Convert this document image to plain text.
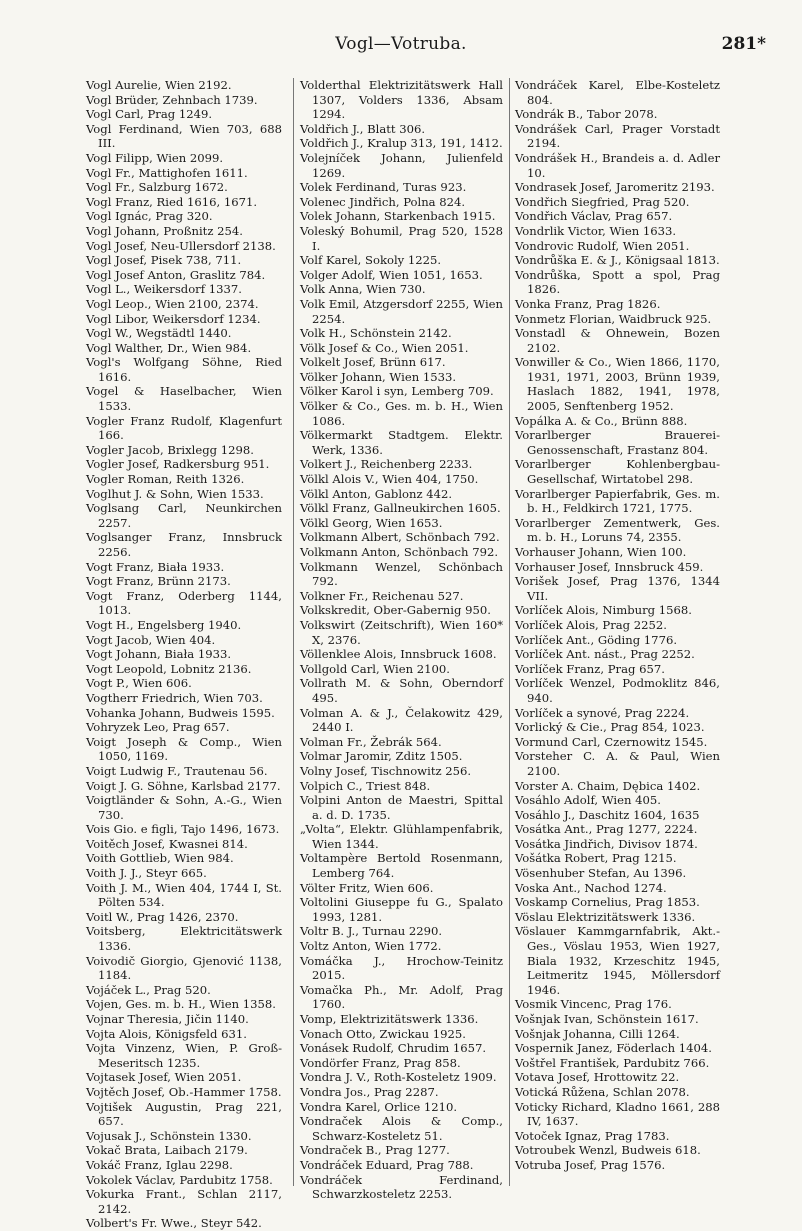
Vogl—Votruba.	281*

Vogl Aurelie, Wien 2192.

Vogl Brüder, Zehnbach 1739.

Vogl Carl, Prag 1249.

Vogl Ferdinand, Wien 703, 688 III.

Vogl Filipp, Wien 2099.

Vogl Fr., Mattighofen 1611.

Vogl Fr., Salzburg 1672.

Vogl Franz, Ried 1616, 1671.

Vogl Ignác, Prag 320.

Vogl Johann, Proßnitz 254.

Vogl Josef, Neu-Ullersdorf 2138.

Vogl Josef, Pisek 738, 711.

Vogl Josef Anton, Graslitz 784.

Vogl L., Weikersdorf 1337.

Vogl Leop., Wien 2100, 2374.

Vogl Libor, Weikersdorf 1234.

Vogl W., Wegstädtl 1440.

Vogl Walther, Dr., Wien 984.

Vogl's Wolfgang Söhne, Ried 1616.

Vogel & Haselbacher, Wien 1533.

Vogler Franz Rudolf, Klagenfurt 166.

Vogler Jacob, Brixlegg 1298.

Vogler Josef, Radkersburg 951.

Vogler Roman, Reith 1326.

Voglhut J. & Sohn, Wien 1533.

Voglsang Carl, Neunkirchen 2257.

Voglsanger Franz, Innsbruck 2256.

Vogt Franz, Biała 1933.

Vogt Franz, Brünn 2173.

Vogt Franz, Oderberg 1144, 1013.

Vogt H., Engelsberg 1940.

Vogt Jacob, Wien 404.

Vogt Johann, Biała 1933.

Vogt Leopold, Lobnitz 2136.

Vogt P., Wien 606.

Vogtherr Friedrich, Wien 703.

Vohanka Johann, Budweis 1595.

Vohryzek Leo, Prag 657.

Voigt Joseph & Comp., Wien 1050, 1169.

Voigt Ludwig F., Trautenau 56.

Voigt J. G. Söhne, Karlsbad 2177.

Voigtländer & Sohn, A.-G., Wien 730.

Vois Gio. e figli, Tajo 1496, 1673.

Voitěch Josef, Kwasnei 814.

Voith Gottlieb, Wien 984.

Voith J. J., Steyr 665.

Voith J. M., Wien 404, 1744 I, St. Pölten 534.

Voitl W., Prag 1426, 2370.

Voitsberg, Elektricitätswerk 1336.

Voivodič Giorgio, Gjenović 1138, 1184.

Vojáček L., Prag 520.

Vojen, Ges. m. b. H., Wien 1358.

Vojnar Theresia, Jičin 1140.

Vojta Alois, Königsfeld 631.

Vojta Vinzenz, Wien, P. Groß-Meseritsch 1235.

Vojtasek Josef, Wien 2051.

Vojtěch Josef, Ob.-Hammer 1758.

Vojtišek Augustin, Prag 221, 657.

Vojusak J., Schönstein 1330.

Vokač Brata, Laibach 2179.

Vokáč Franz, Iglau 2298.

Vokolek Václav, Pardubitz 1758.

Vokurka Frant., Schlan 2117, 2142.

Volbert's Fr. Wwe., Steyr 542.

Volderthal Elektrizitätswerk Hall 1307, Volders 1336, Absam 1294.

Voldřich J., Blatt 306.

Voldřich J., Kralup 313, 191, 1412.

Volejníček Johann, Julienfeld 1269.

Volek Ferdinand, Turas 923.

Volenec Jindřich, Polna 824.

Volek Johann, Starkenbach 1915.

Voleský Bohumil, Prag 520, 1528 I.

Volf Karel, Sokoly 1225.

Volger Adolf, Wien 1051, 1653.

Volk Anna, Wien 730.

Volk Emil, Atzgersdorf 2255, Wien 2254.

Volk H., Schönstein 2142.

Völk Josef & Co., Wien 2051.

Volkelt Josef, Brünn 617.

Völker Johann, Wien 1533.

Völker Karol i syn, Lemberg 709.

Völker & Co., Ges. m. b. H., Wien 1086.

Völkermarkt Stadtgem. Elektr. Werk, 1336.

Volkert J., Reichenberg 2233.

Völkl Alois V., Wien 404, 1750.

Völkl Anton, Gablonz 442.

Völkl Franz, Gallneukirchen 1605.

Völkl Georg, Wien 1653.

Volkmann Albert, Schönbach 792.

Volkmann Anton, Schönbach 792.

Volkmann Wenzel, Schönbach 792.

Volkner Fr., Reichenau 527.

Volkskredit, Ober-Gabernig 950.

Volkswirt (Zeitschrift), Wien 160* X, 2376.

Völlenklee Alois, Innsbruck 1608.

Vollgold Carl, Wien 2100.

Vollrath M. & Sohn, Oberndorf 495.

Volman A. & J., Čelakowitz 429, 2440 I.

Volman Fr., Žebrák 564.

Volmar Jaromir, Zditz 1505.

Volny Josef, Tischnowitz 256.

Volpich C., Triest 848.

Volpini Anton de Maestri, Spittal a. d. D. 1735.

„Volta“, Elektr. Glühlampenfabrik, Wien 1344.

Voltampère Bertold Rosenmann, Lemberg 764.

Völter Fritz, Wien 606.

Voltolini Giuseppe fu G., Spalato 1993, 1281.

Voltr B. J., Turnau 2290.

Voltz Anton, Wien 1772.

Vomáčka J., Hrochow-Teinitz 2015.

Vomačka Ph., Mr. Adolf, Prag 1760.

Vomp, Elektrizitätswerk 1336.

Vonach Otto, Zwickau 1925.

Vonásek Rudolf, Chrudim 1657.

Vondörfer Franz, Prag 858.

Vondra J. V., Roth-Kosteletz 1909.

Vondra Jos., Prag 2287.

Vondra Karel, Orlice 1210.

Vondraček Alois & Comp., Schwarz-Kosteletz 51.

Vondraček B., Prag 1277.

Vondráček Eduard, Prag 788.

Vondráček Ferdinand, Schwarzkosteletz 2253.

Vondráček Karel, Elbe-Kosteletz 804.

Vondrák B., Tabor 2078.

Vondrášek Carl, Prager Vorstadt 2194.

Vondrášek H., Brandeis a. d. Adler 10.

Vondrasek Josef, Jaromeritz 2193.

Vondřich Siegfried, Prag 520.

Vondřich Václav, Prag 657.

Vondrlik Victor, Wien 1633.

Vondrovic Rudolf, Wien 2051.

Vondrůška E. & J., Königsaal 1813.

Vondrůška, Spott a spol, Prag 1826.

Vonka Franz, Prag 1826.

Vonmetz Florian, Waidbruck 925.

Vonstadl & Ohnewein, Bozen 2102.

Vonwiller & Co., Wien 1866, 1170, 1931, 1971, 2003, Brünn 1939, Haslach 1882, 1941, 1978, 2005, Senftenberg 1952.

Vopálka A. & Co., Brünn 888.

Vorarlberger Brauerei-Genossenschaft, Frastanz 804.

Vorarlberger Kohlenbergbau-Gesellschaf, Wirtatobel 298.

Vorarlberger Papierfabrik, Ges. m. b. H., Feldkirch 1721, 1775.

Vorarlberger Zementwerk, Ges. m. b. H., Loruns 74, 2355.

Vorhauser Johann, Wien 100.

Vorhauser Josef, Innsbruck 459.

Vorišek Josef, Prag 1376, 1344 VII.

Vorlíček Alois, Nimburg 1568.

Vorlíček Alois, Prag 2252.

Vorlíček Ant., Göding 1776.

Vorlíček Ant. nást., Prag 2252.

Vorlíček Franz, Prag 657.

Vorlíček Wenzel, Podmoklitz 846, 940.

Vorlíček a synové, Prag 2224.

Vorlický & Cie., Prag 854, 1023.

Vormund Carl, Czernowitz 1545.

Vorsteher C. A. & Paul, Wien 2100.

Vorster A. Chaim, Dębica 1402.

Vosáhlo Adolf, Wien 405.

Vosáhlo J., Daschitz 1604, 1635

Vosátka Ant., Prag 1277, 2224.

Vosátka Jindřich, Divisov 1874.

Vošátka Robert, Prag 1215.

Vösenhuber Stefan, Au 1396.

Voska Ant., Nachod 1274.

Voskamp Cornelius, Prag 1853.

Vöslau Elektrizitätswerk 1336.

Vöslauer Kammgarnfabrik, Akt.-Ges., Vöslau 1953, Wien 1927, Biala 1932, Krzeschitz 1945, Leitmeritz 1945, Möllersdorf 1946.

Vosmik Vincenc, Prag 176.

Vošnjak Ivan, Schönstein 1617.

Vošnjak Johanna, Cilli 1264.

Vospernik Janez, Föderlach 1404.

Voštřel František, Pardubitz 766.

Votava Josef, Hrottowitz 22.

Votická Růžena, Schlan 2078.

Voticky Richard, Kladno 1661, 288 IV, 1637.

Votoček Ignaz, Prag 1783.

Votroubek Wenzl, Budweis 618.

Votruba Josef, Prag 1576.
